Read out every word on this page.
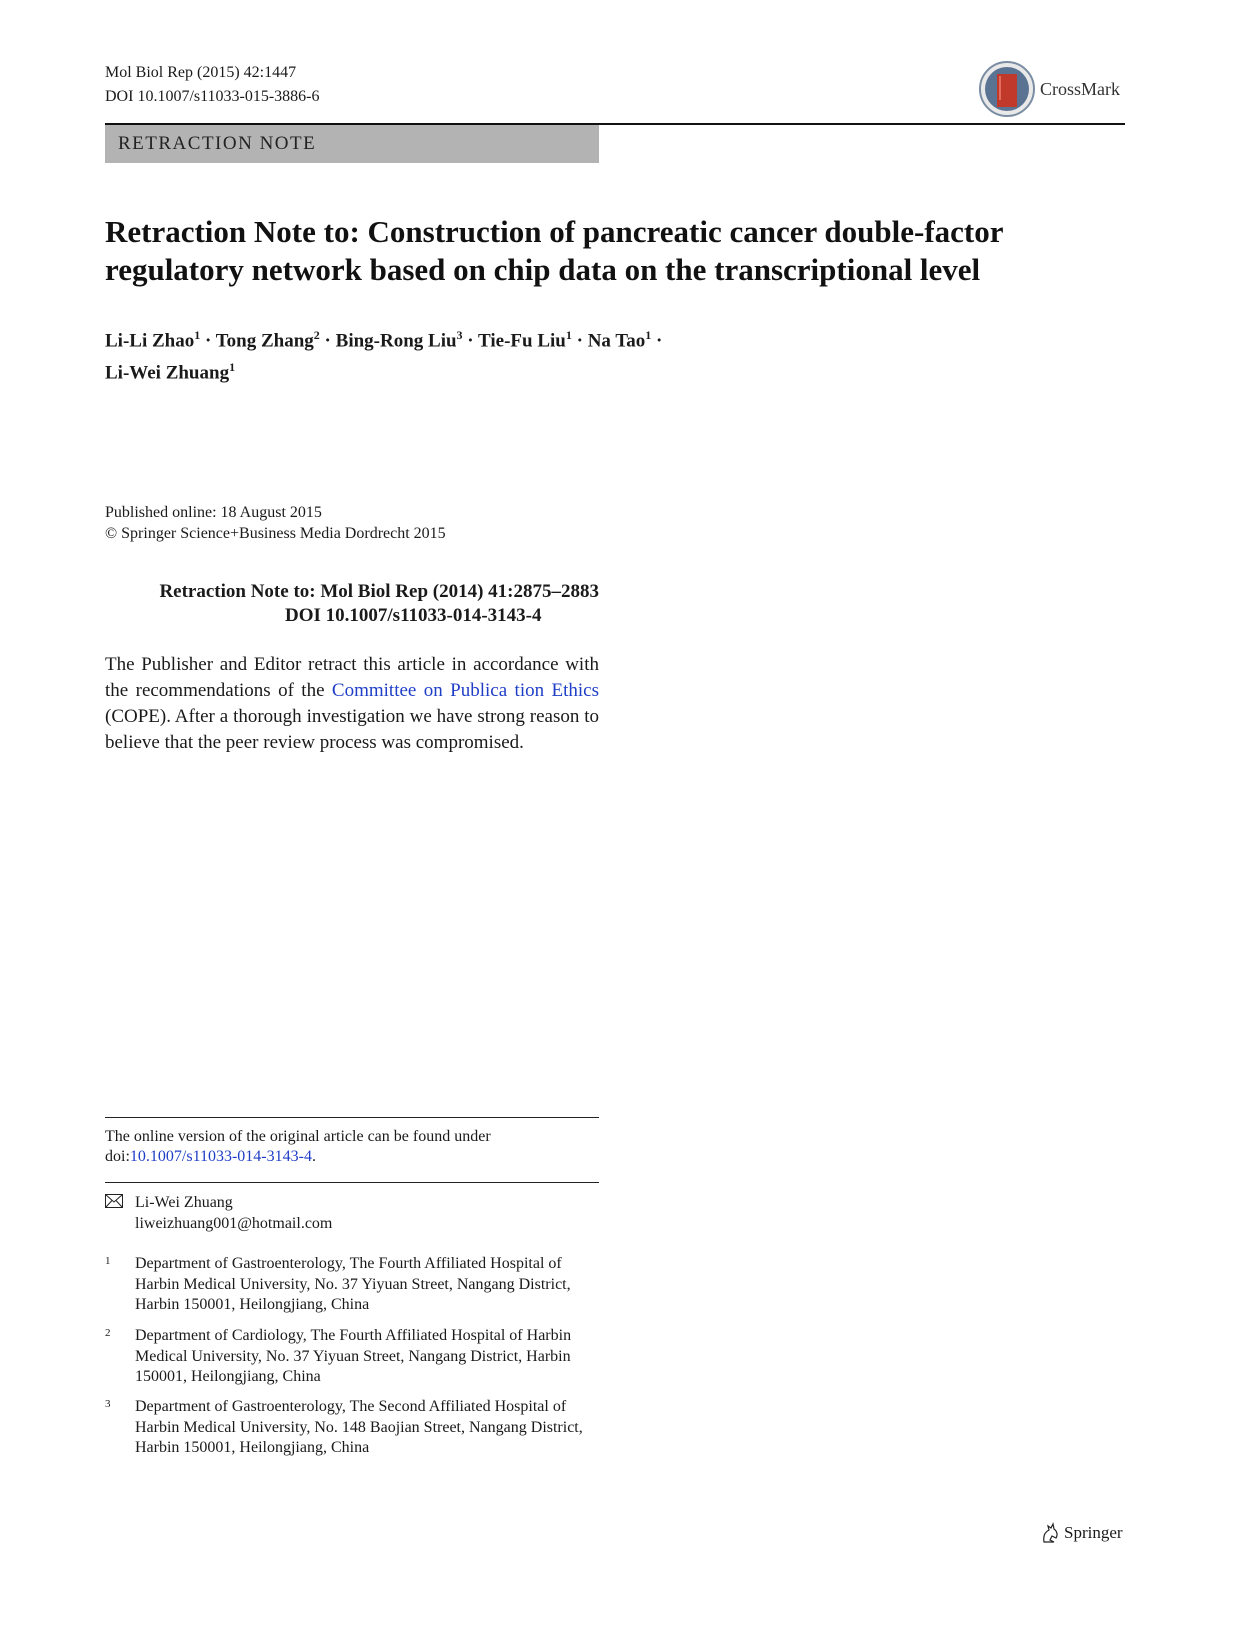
Mol Biol Rep (2015) 42:1447
DOI 10.1007/s11033-015-3886-6	CrossMark
RETRACTION NOTE
Retraction Note to: Construction of pancreatic cancer double-factor
regulatory network based on chip data on the transcriptional level
Li-Li Zhao$^1$ · Tong Zhang$^2$ · Bing-Rong Liu$^3$ · Tie-Fu Liu$^1$ · Na Tao$^1$ ·
Li-Wei Zhuang$^1$
Published online: 18 August 2015
© Springer Science+Business Media Dordrecht 2015
Retraction Note to: Mol Biol Rep (2014) 41:2875–2883
DOI 10.1007/s11033-014-3143-4
The Publisher and Editor retract this article in accordance with the recommendations of the Committee on Publica tion Ethics (COPE). After a thorough investigation we have strong reason to believe that the peer review process was compromised.
The online version of the original article can be found under doi:10.1007/s11033-014-3143-4.
Li-Wei Zhuang
liweizhuang001@hotmail.com
1 Department of Gastroenterology, The Fourth Affiliated Hospital of Harbin Medical University, No. 37 Yiyuan Street, Nangang District, Harbin 150001, Heilongjiang, China
2 Department of Cardiology, The Fourth Affiliated Hospital of Harbin Medical University, No. 37 Yiyuan Street, Nangang District, Harbin 150001, Heilongjiang, China
3 Department of Gastroenterology, The Second Affiliated Hospital of Harbin Medical University, No. 148 Baojian Street, Nangang District, Harbin 150001, Heilongjiang, China
Springer
